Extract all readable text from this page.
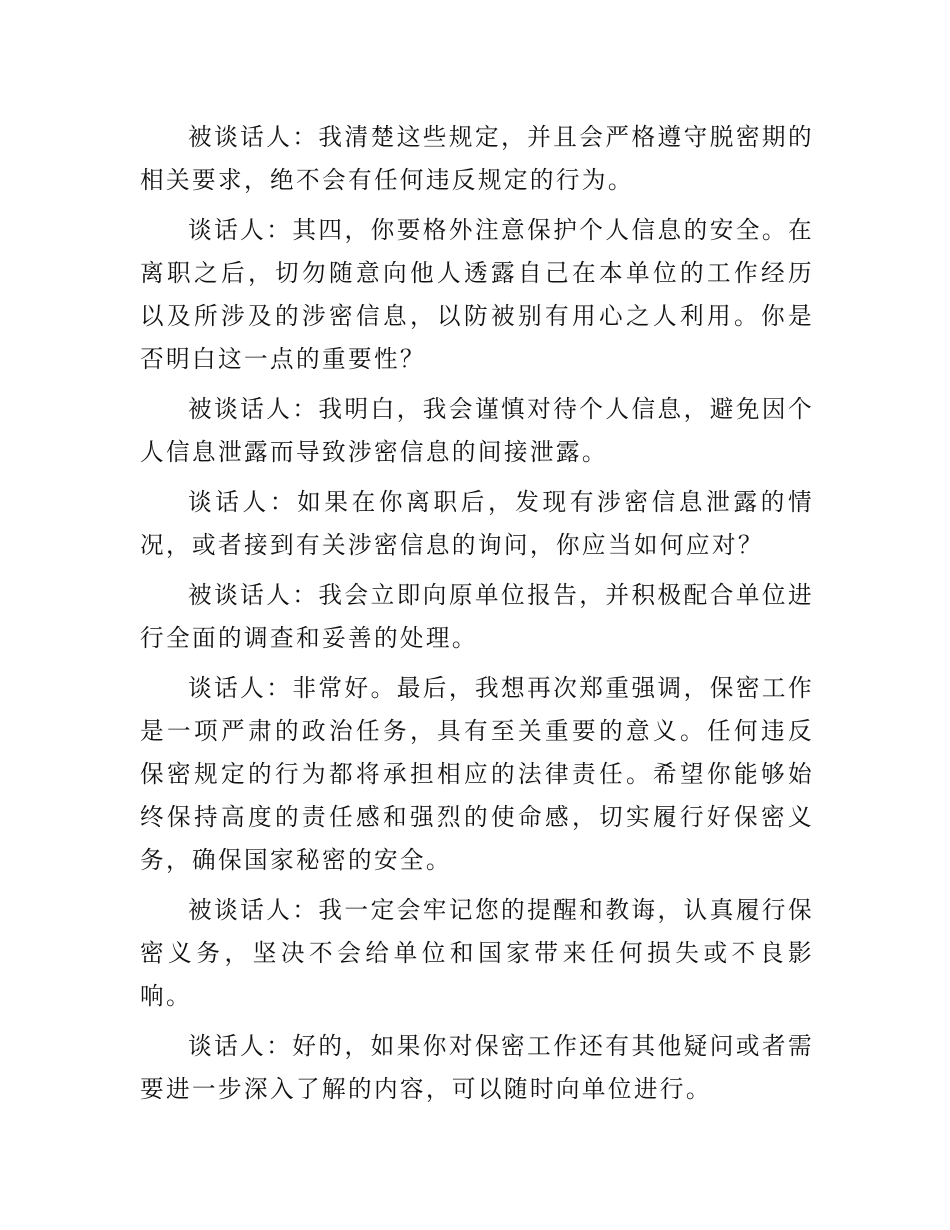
被谈话人：我清楚这些规定，并且会严格遵守脱密期的相关要求，绝不会有任何违反规定的行为。

谈话人：其四，你要格外注意保护个人信息的安全。在离职之后，切勿随意向他人透露自己在本单位的工作经历以及所涉及的涉密信息，以防被别有用心之人利用。你是否明白这一点的重要性？

被谈话人：我明白，我会谨慎对待个人信息，避免因个人信息泄露而导致涉密信息的间接泄露。

谈话人：如果在你离职后，发现有涉密信息泄露的情况，或者接到有关涉密信息的询问，你应当如何应对？

被谈话人：我会立即向原单位报告，并积极配合单位进行全面的调查和妥善的处理。

谈话人：非常好。最后，我想再次郑重强调，保密工作是一项严肃的政治任务，具有至关重要的意义。任何违反保密规定的行为都将承担相应的法律责任。希望你能够始终保持高度的责任感和强烈的使命感，切实履行好保密义务，确保国家秘密的安全。

被谈话人：我一定会牢记您的提醒和教诲，认真履行保密义务，坚决不会给单位和国家带来任何损失或不良影响。

谈话人：好的，如果你对保密工作还有其他疑问或者需要进一步深入了解的内容，可以随时向单位进行。
